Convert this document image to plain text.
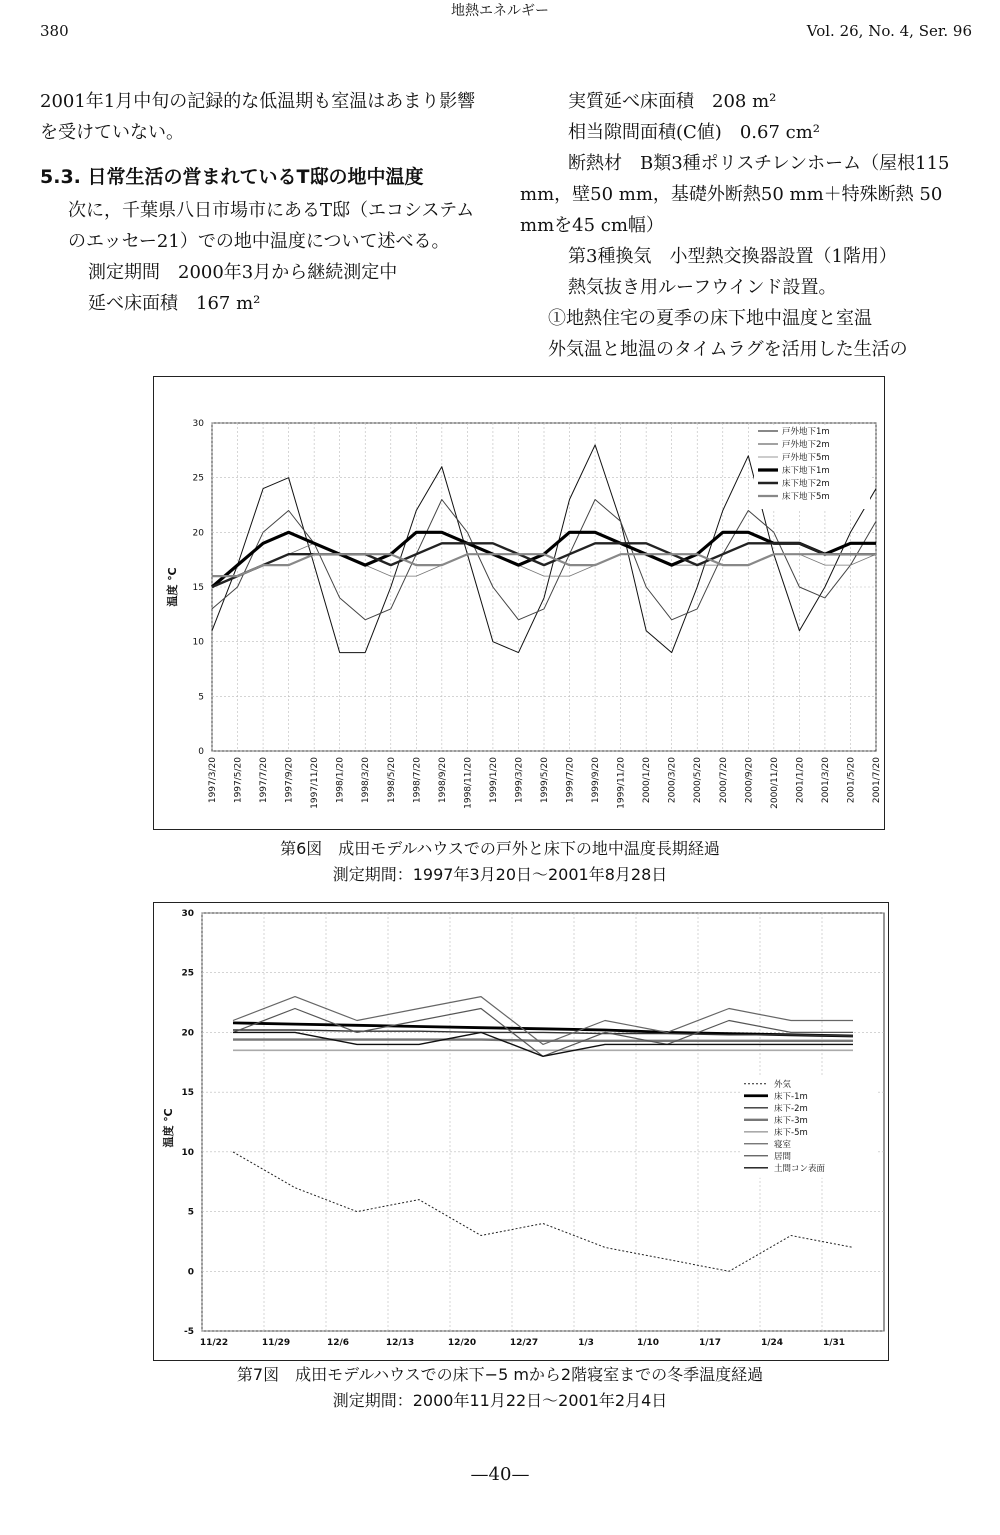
380
地熱エネルギー
Vol. 26, No. 4, Ser. 96

2001年1月中旬の記録的な低温期も室温はあまり影響を受けていない。

5.3. 日常生活の営まれているT邸の地中温度

次に，千葉県八日市場市にあるT邸（エコシステムのエッセー21）での地中温度について述べる。

測定期間　2000年3月から継続測定中

延べ床面積　167 m²

実質延べ床面積　208 m²

相当隙間面積(C値)　0.67 cm²

断熱材　B類3種ポリスチレンホーム（屋根115 mm，壁50 mm，基礎外断熱50 mm＋特殊断熱 50 mmを45 cm幅）

第3種換気　小型熱交換器設置（1階用）

熱気抜き用ルーフウインド設置。

①地熱住宅の夏季の床下地中温度と室温

外気温と地温のタイムラグを活用した生活の

1997/3/20 1997/5/20 1997/7/20 1997/9/20 1997/11/20 1998/1/20 1998/3/20 1998/5/20 1998/7/20 1998/9/20 1998/11/20 1999/1/20 1999/3/20 1999/5/20 1999/7/20 1999/9/20 1999/11/20 2000/1/20 2000/3/20 2000/5/20 2000/7/20 2000/9/20 2000/11/20 2001/1/20 2001/3/20 2001/5/20 2001/7/20
0
5
10
15
20
25
30
温度 ℃
戸外地下1m
戸外地下2m
戸外地下5m
床下地下1m
床下地下2m
床下地下5m
第6図　成田モデルハウスでの戸外と床下の地中温度長期経過
測定期間：1997年3月20日～2001年8月28日
11/22	11/29	12/6	12/13	12/20	12/27	1/3	1/10	1/17	1/24	1/31
-5
0
5
10
15
20
25
30
温度 ℃
外気
床下-1m
床下-2m
床下-3m
床下-5m
寝室
居間
土間コン表面
—40—
第7図　成田モデルハウスでの床下−5 mから2階寝室までの冬季温度経過
測定期間：2000年11月22日～2001年2月4日
